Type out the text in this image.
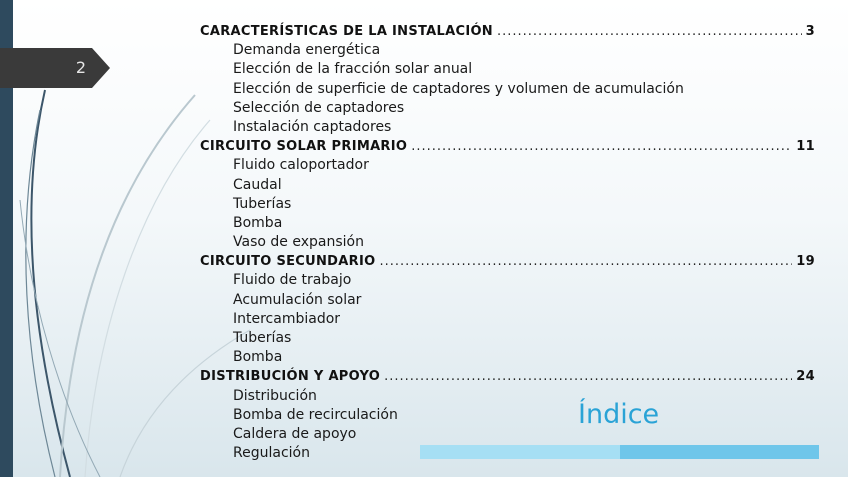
2
CARACTERÍSTICAS DE LA INSTALACIÓN .....	3
Demanda energética
Elección de la fracción solar anual
Elección de superficie de captadores y volumen de acumulación
Selección de captadores
Instalación captadores
CIRCUITO SOLAR PRIMARIO .....	11
Fluido caloportador
Caudal
Tuberías
Bomba
Vaso de expansión
CIRCUITO SECUNDARIO .....	19
Fluido de trabajo
Acumulación solar
Intercambiador
Tuberías
Bomba
DISTRIBUCIÓN Y APOYO .....	24
Distribución
Bomba de recirculación
Caldera de apoyo
Regulación
Índice
